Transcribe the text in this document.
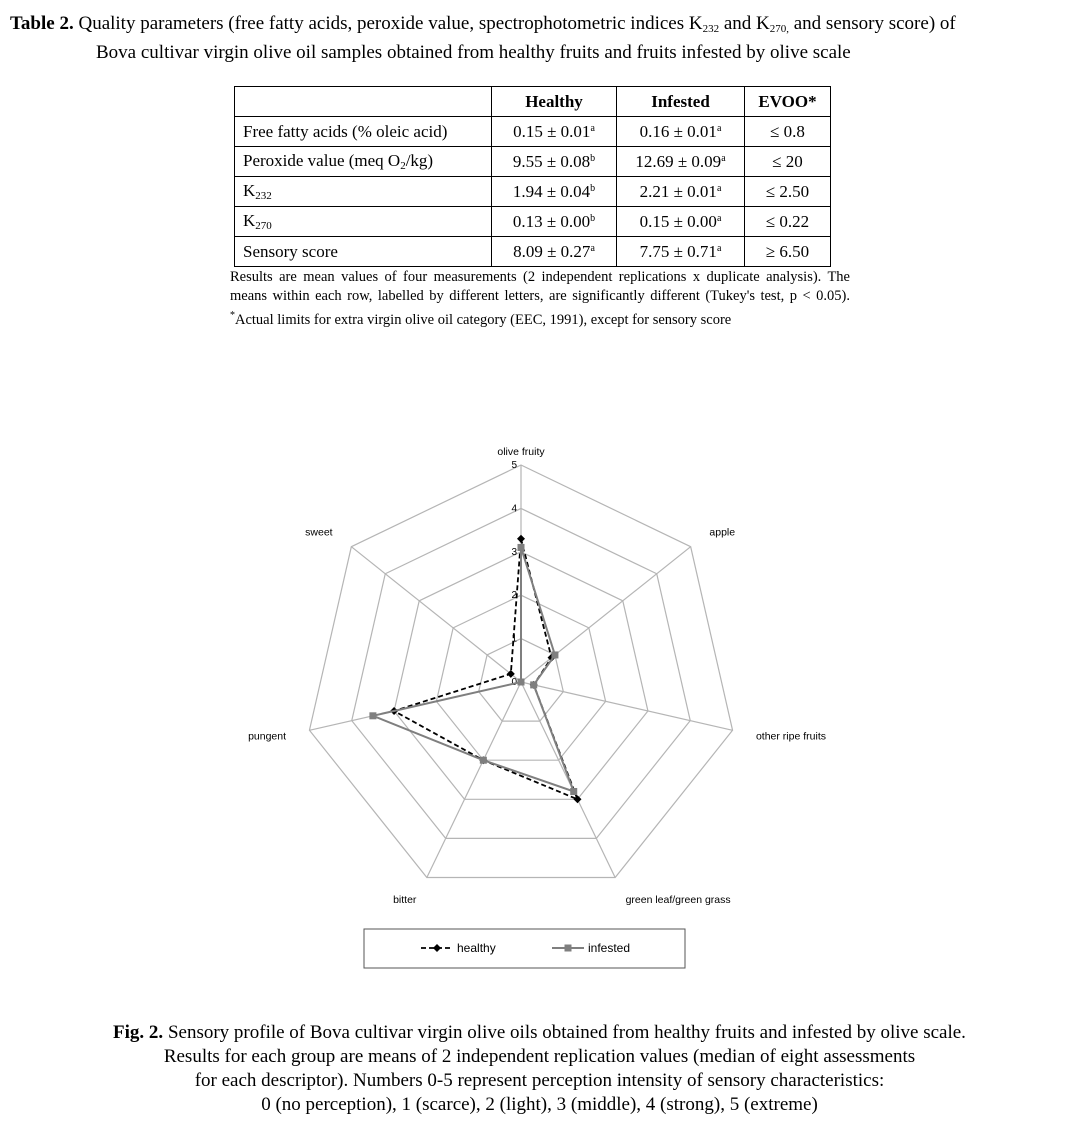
Table 2. Quality parameters (free fatty acids, peroxide value, spectrophotometric indices $K_{232}$ and $K_{270,}$ and sensory score) of
Bova cultivar virgin olive oil samples obtained from healthy fruits and fruits infested by olive scale
	Healthy	Infested	EVOO*
Free fatty acids (% oleic acid)	0.15 ± 0.01$^a$	0.16 ± 0.01$^a$	≤ 0.8
Peroxide value (meq $O_2/kg$)	9.55 ± 0.08$^b$	12.69 ± 0.09$^a$	≤ 20
$K_{232}$	1.94 ± 0.04$^b$	2.21 ± 0.01$^a$	≤ 2.50
$K_{270}$	0.13 ± 0.00$^b$	0.15 ± 0.00$^a$	≤ 0.22
Sensory score	8.09 ± 0.27$^a$	7.75 ± 0.71$^a$	≥ 6.50
Results are mean values of four measurements (2 independent replications x duplicate analysis). The means within each row, labelled by different letters, are significantly different (Tukey's test, p < 0.05). *Actual limits for extra virgin olive oil category (EEC, 1991), except for sensory score
0
1
2
3
4
5
olive fruity
apple
other ripe fruits
green leaf/green grass
bitter
pungent
sweet
healthy	infested
Fig. 2. Sensory profile of Bova cultivar virgin olive oils obtained from healthy fruits and infested by olive scale.
Results for each group are means of 2 independent replication values (median of eight assessments
for each descriptor). Numbers 0-5 represent perception intensity of sensory characteristics:
0 (no perception), 1 (scarce), 2 (light), 3 (middle), 4 (strong), 5 (extreme)
